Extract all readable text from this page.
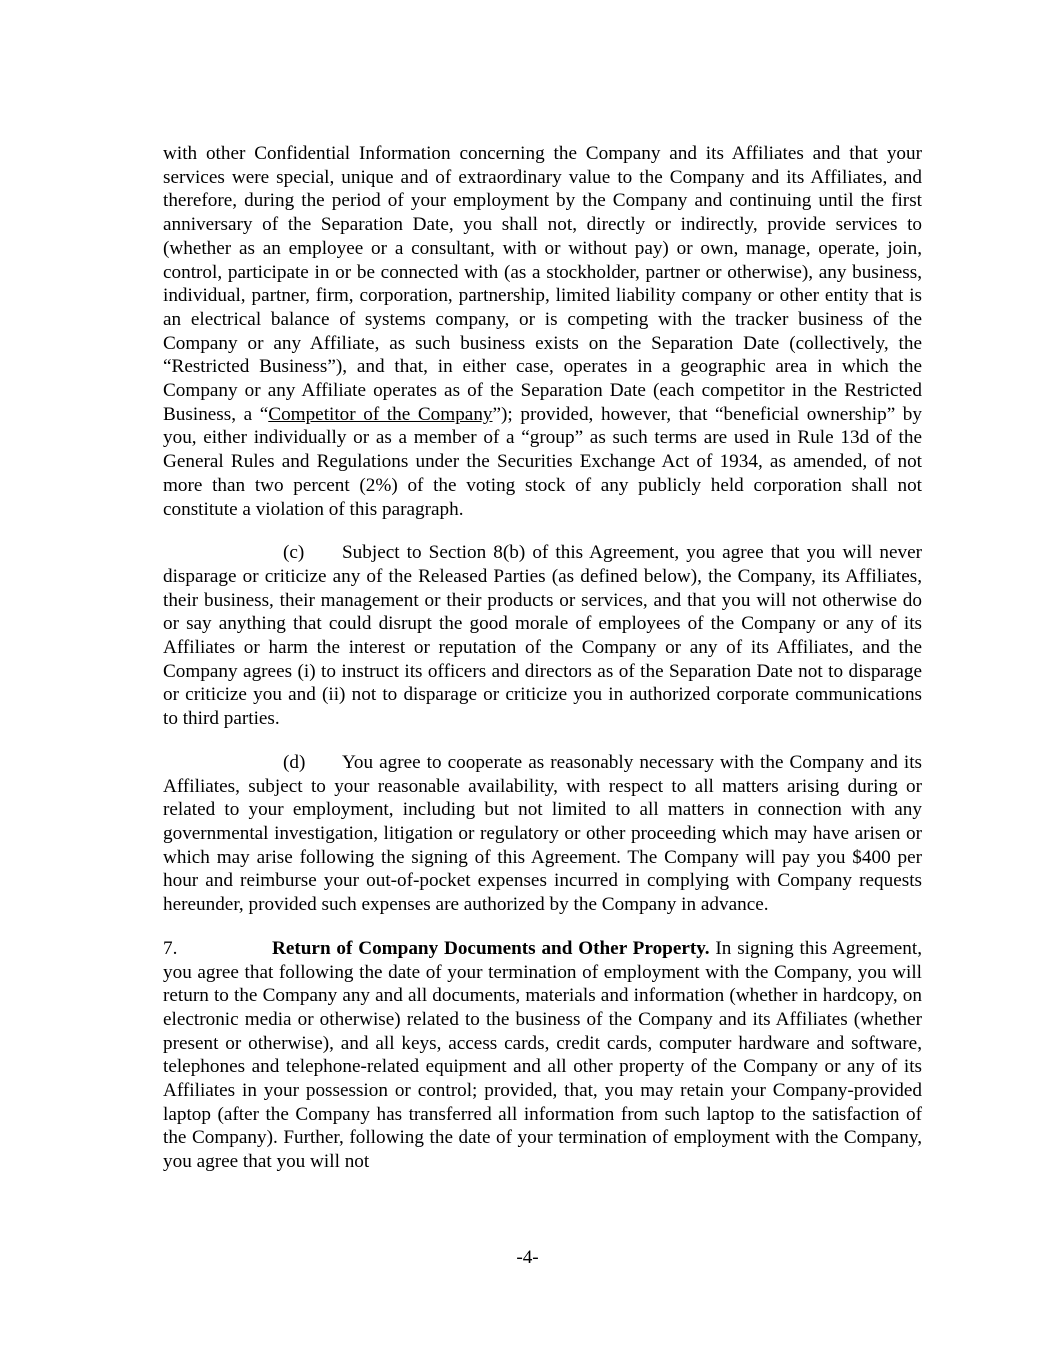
with other Confidential Information concerning the Company and its Affiliates and that your services were special, unique and of extraordinary value to the Company and its Affiliates, and therefore, during the period of your employment by the Company and continuing until the first anniversary of the Separation Date, you shall not, directly or indirectly, provide services to (whether as an employee or a consultant, with or without pay) or own, manage, operate, join, control, participate in or be connected with (as a stockholder, partner or otherwise), any business, individual, partner, firm, corporation, partnership, limited liability company or other entity that is an electrical balance of systems company, or is competing with the tracker business of the Company or any Affiliate, as such business exists on the Separation Date (collectively, the “Restricted Business”), and that, in either case, operates in a geographic area in which the Company or any Affiliate operates as of the Separation Date (each competitor in the Restricted Business, a “Competitor of the Company”); provided, however, that “beneficial ownership” by you, either individually or as a member of a “group” as such terms are used in Rule 13d of the General Rules and Regulations under the Securities Exchange Act of 1934, as amended, of not more than two percent (2%) of the voting stock of any publicly held corporation shall not constitute a violation of this paragraph.

(c) Subject to Section 8(b) of this Agreement, you agree that you will never disparage or criticize any of the Released Parties (as defined below), the Company, its Affiliates, their business, their management or their products or services, and that you will not otherwise do or say anything that could disrupt the good morale of employees of the Company or any of its Affiliates or harm the interest or reputation of the Company or any of its Affiliates, and the Company agrees (i) to instruct its officers and directors as of the Separation Date not to disparage or criticize you and (ii) not to disparage or criticize you in authorized corporate communications to third parties.

(d) You agree to cooperate as reasonably necessary with the Company and its Affiliates, subject to your reasonable availability, with respect to all matters arising during or related to your employment, including but not limited to all matters in connection with any governmental investigation, litigation or regulatory or other proceeding which may have arisen or which may arise following the signing of this Agreement. The Company will pay you $400 per hour and reimburse your out-of-pocket expenses incurred in complying with Company requests hereunder, provided such expenses are authorized by the Company in advance.

7.	Return of Company Documents and Other Property. In signing this Agreement, you agree that following the date of your termination of employment with the Company, you will return to the Company any and all documents, materials and information (whether in hardcopy, on electronic media or otherwise) related to the business of the Company and its Affiliates (whether present or otherwise), and all keys, access cards, credit cards, computer hardware and software, telephones and telephone-related equipment and all other property of the Company or any of its Affiliates in your possession or control; provided, that, you may retain your Company-provided laptop (after the Company has transferred all information from such laptop to the satisfaction of the Company). Further, following the date of your termination of employment with the Company, you agree that you will not

-4-
